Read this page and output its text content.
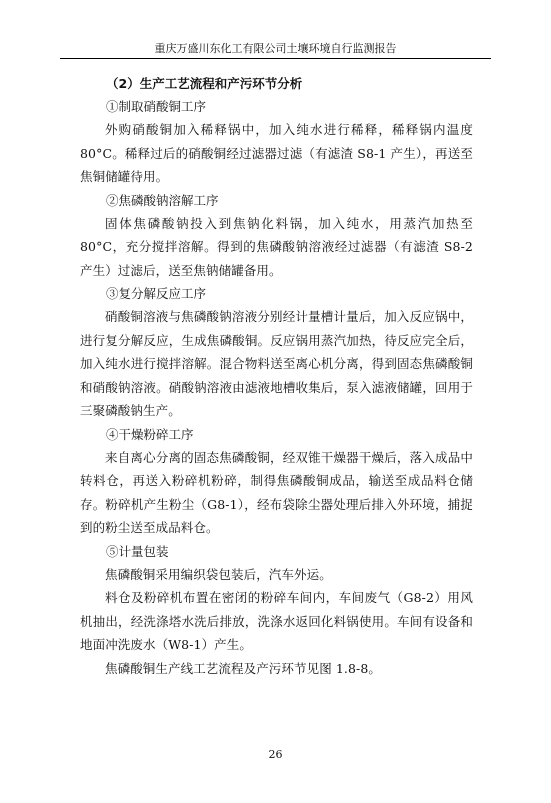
重庆万盛川东化工有限公司土壤环境自行监测报告

（2）生产工艺流程和产污环节分析

①制取硝酸铜工序

外购硝酸铜加入稀释锅中，加入纯水进行稀释，稀释锅内温度80°C。稀释过后的硝酸铜经过滤器过滤（有滤渣 S8-1 产生），再送至焦铜储罐待用。

②焦磷酸钠溶解工序

固体焦磷酸钠投入到焦钠化料锅，加入纯水，用蒸汽加热至 80°C，充分搅拌溶解。得到的焦磷酸钠溶液经过滤器（有滤渣 S8-2 产生）过滤后，送至焦钠储罐备用。

③复分解反应工序

硝酸铜溶液与焦磷酸钠溶液分别经计量槽计量后，加入反应锅中，进行复分解反应，生成焦磷酸铜。反应锅用蒸汽加热，待反应完全后，加入纯水进行搅拌溶解。混合物料送至离心机分离，得到固态焦磷酸铜和硝酸钠溶液。硝酸钠溶液由滤液地槽收集后，泵入滤液储罐，回用于三聚磷酸钠生产。

④干燥粉碎工序

来自离心分离的固态焦磷酸铜，经双锥干燥器干燥后，落入成品中转料仓，再送入粉碎机粉碎，制得焦磷酸铜成品，输送至成品料仓储存。粉碎机产生粉尘（G8-1），经布袋除尘器处理后排入外环境，捕捉到的粉尘送至成品料仓。

⑤计量包装

焦磷酸铜采用编织袋包装后，汽车外运。

料仓及粉碎机布置在密闭的粉碎车间内，车间废气（G8-2）用风机抽出，经洗涤塔水洗后排放，洗涤水返回化料锅使用。车间有设备和地面冲洗废水（W8-1）产生。

焦磷酸铜生产线工艺流程及产污环节见图 1.8-8。

26
